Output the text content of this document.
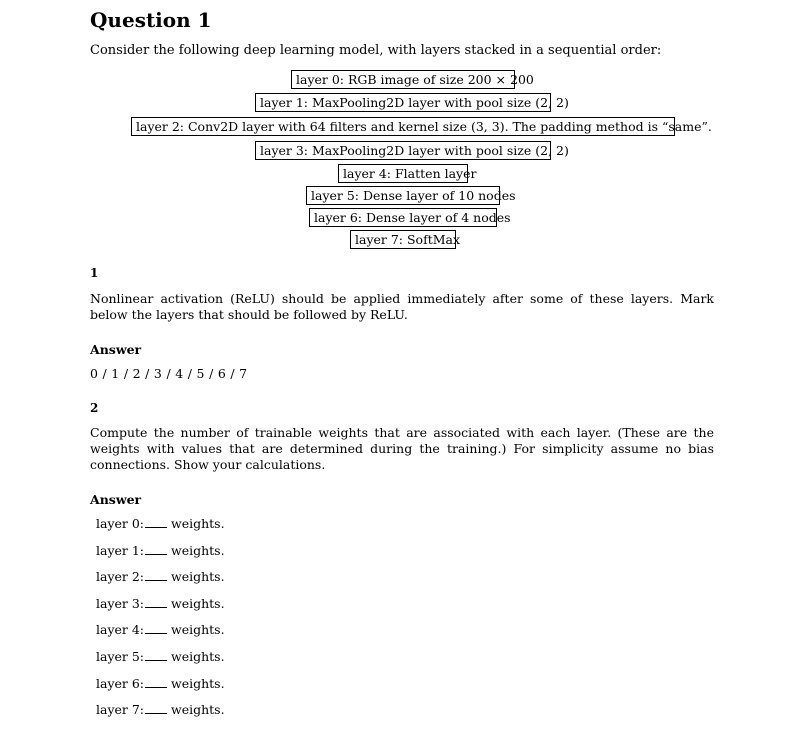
Question 1
Consider the following deep learning model, with layers stacked in a sequential order:
layer 0: RGB image of size 200 × 200
layer 1: MaxPooling2D layer with pool size (2, 2)
layer 2: Conv2D layer with 64 filters and kernel size (3, 3). The padding method is “same”.
layer 3: MaxPooling2D layer with pool size (2, 2)
layer 4: Flatten layer
layer 5: Dense layer of 10 nodes
layer 6: Dense layer of 4 nodes
layer 7: SoftMax
1
Nonlinear activation (ReLU) should be applied immediately after some of these layers. Mark below the layers that should be followed by ReLU.
Answer
0 / 1 / 2 / 3 / 4 / 5 / 6 / 7
2
Compute the number of trainable weights that are associated with each layer. (These are the weights with values that are determined during the training.) For simplicity assume no bias connections. Show your calculations.
Answer
layer 0: weights.
layer 1: weights.
layer 2: weights.
layer 3: weights.
layer 4: weights.
layer 5: weights.
layer 6: weights.
layer 7: weights.
